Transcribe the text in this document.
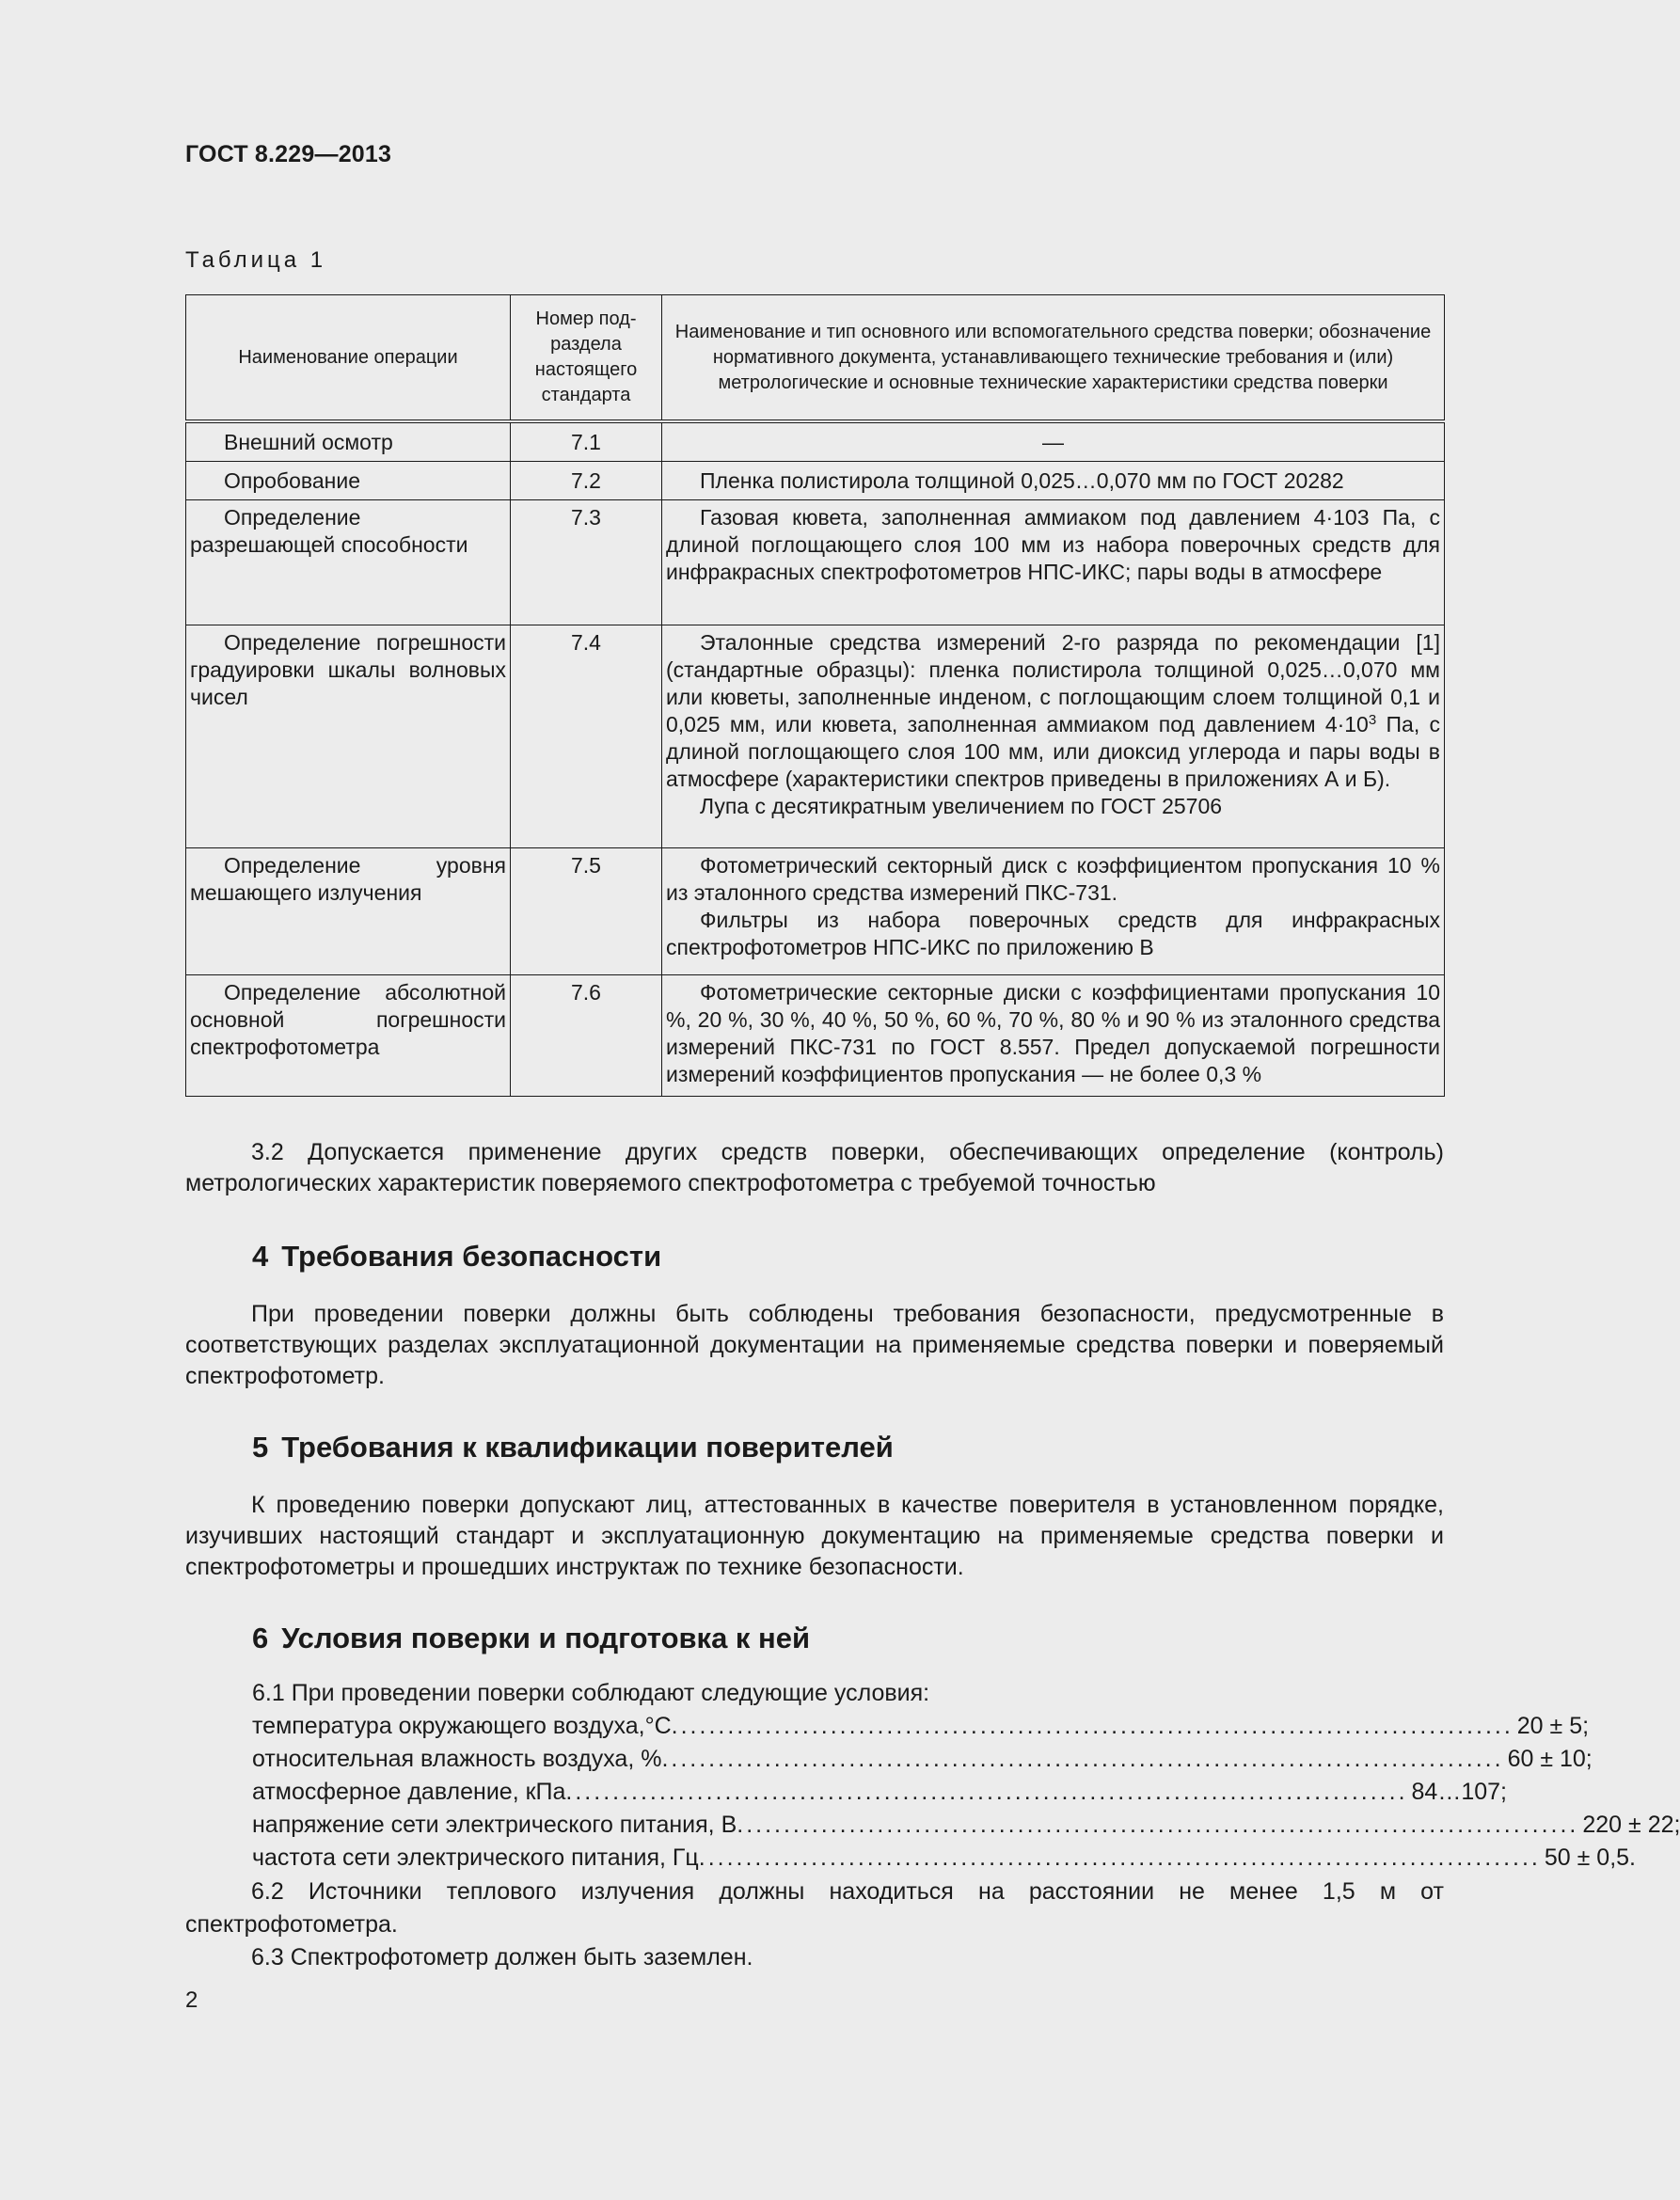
ГОСТ 8.229—2013
Таблица 1
Наименование операции	Номер под-раздела настоящего стандарта	Наименование и тип основного или вспомогательного средства поверки; обозначение нормативного документа, устанавливающего технические требования и (или) метрологические и основные технические характеристики средства поверки

Внешний осмотр	7.1	—

Опробование	7.2	Пленка полистирола толщиной 0,025…0,070 мм по ГОСТ 20282

Определение разрешающей способности	7.3	Газовая кювета, заполненная аммиаком под давлением 4·103 Па, с длиной поглощающего слоя 100 мм из набора поверочных средств для инфракрасных спектрофотометров НПС-ИКС; пары воды в атмосфере

Определение погрешности градуировки шкалы волновых чисел	7.4	Эталонные средства измерений 2-го разряда по рекомендации [1] (стандартные образцы): пленка полистирола толщиной 0,025…0,070 мм или кюветы, заполненные инденом, с поглощающим слоем толщиной 0,1 и 0,025 мм, или кювета, заполненная аммиаком под давлением $4\cdot 10^3$ Па, с длиной поглощающего слоя 100 мм, или диоксид углерода и пары воды в атмосфере (характеристики спектров приведены в приложениях А и Б).
Лупа с десятикратным увеличением по ГОСТ 25706

Определение уровня мешающего излучения	7.5	Фотометрический секторный диск с коэффициентом пропускания 10 % из эталонного средства измерений ПКС-731.
Фильтры из набора поверочных средств для инфракрасных спектрофотометров НПС-ИКС по приложению В

Определение абсолютной основной погрешности спектрофотометра	7.6	Фотометрические секторные диски с коэффициентами пропускания 10 %, 20 %, 30 %, 40 %, 50 %, 60 %, 70 %, 80 % и 90 % из эталонного средства измерений ПКС-731 по ГОСТ 8.557. Предел допускаемой погрешности измерений коэффициентов пропускания — не более 0,3 %
3.2 Допускается применение других средств поверки, обеспечивающих определение (контроль) метрологических характеристик поверяемого спектрофотометра с требуемой точностью
4 Требования безопасности
При проведении поверки должны быть соблюдены требования безопасности, предусмотренные в соответствующих разделах эксплуатационной документации на применяемые средства поверки и поверяемый спектрофотометр.
5 Требования к квалификации поверителей
К проведению поверки допускают лиц, аттестованных в качестве поверителя в установленном порядке, изучивших настоящий стандарт и эксплуатационную документацию на применяемые средства поверки и спектрофотометры и прошедших инструктаж по технике безопасности.
6 Условия поверки и подготовка к ней
6.1 При проведении поверки соблюдают следующие условия:
температура окружающего воздуха,°С .......................................................................................... 20 ± 5;
относительная влажность воздуха, % .......................................................................................... 60 ± 10;
атмосферное давление, кПа .......................................................................................... 84…107;
напряжение сети электрического питания, В .......................................................................................... 220 ± 22;
частота сети электрического питания, Гц .......................................................................................... 50 ± 0,5.
6.2 Источники теплового излучения должны находиться на расстоянии не менее 1,5 м от спектрофотометра.
6.3 Спектрофотометр должен быть заземлен.
2
